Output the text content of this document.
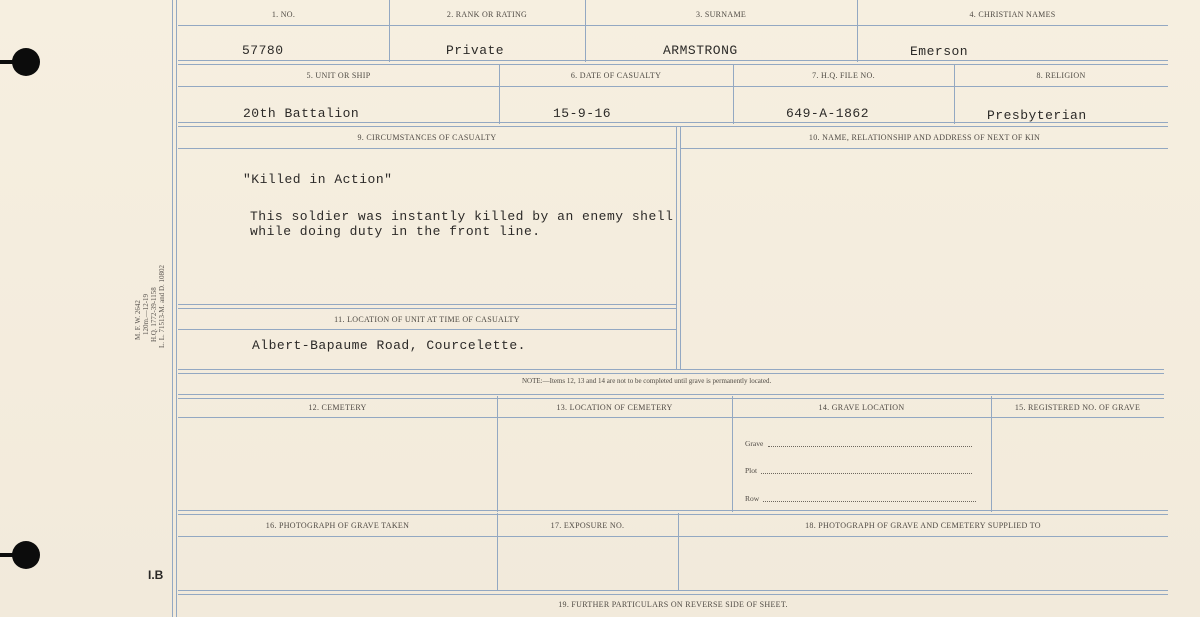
M. F. W. 2642 120m.—12-19 H.Q. 1772-39-1158 L. L. 71513-M. and D. 10802
I.B
1. NO.	2. RANK OR RATING	3. SURNAME	4. CHRISTIAN NAMES
57780	Private	ARMSTRONG	Emerson
5. UNIT OR SHIP	6. DATE OF CASUALTY	7. H.Q. FILE NO.	8. RELIGION
20th Battalion	15-9-16	649-A-1862	Presbyterian
9. CIRCUMSTANCES OF CASUALTY	10. NAME, RELATIONSHIP AND ADDRESS OF NEXT OF KIN
"Killed in Action"
This soldier was instantly killed by an enemy shell
while doing duty in the front line.
11. LOCATION OF UNIT AT TIME OF CASUALTY
Albert-Bapaume Road, Courcelette.
NOTE:—Items 12, 13 and 14 are not to be completed until grave is permanently located.
12. CEMETERY	13. LOCATION OF CEMETERY	14. GRAVE LOCATION	15. REGISTERED NO. OF GRAVE
Grave
Plot
Row
16. PHOTOGRAPH OF GRAVE TAKEN	17. EXPOSURE NO.	18. PHOTOGRAPH OF GRAVE AND CEMETERY SUPPLIED TO
19. FURTHER PARTICULARS ON REVERSE SIDE OF SHEET.
